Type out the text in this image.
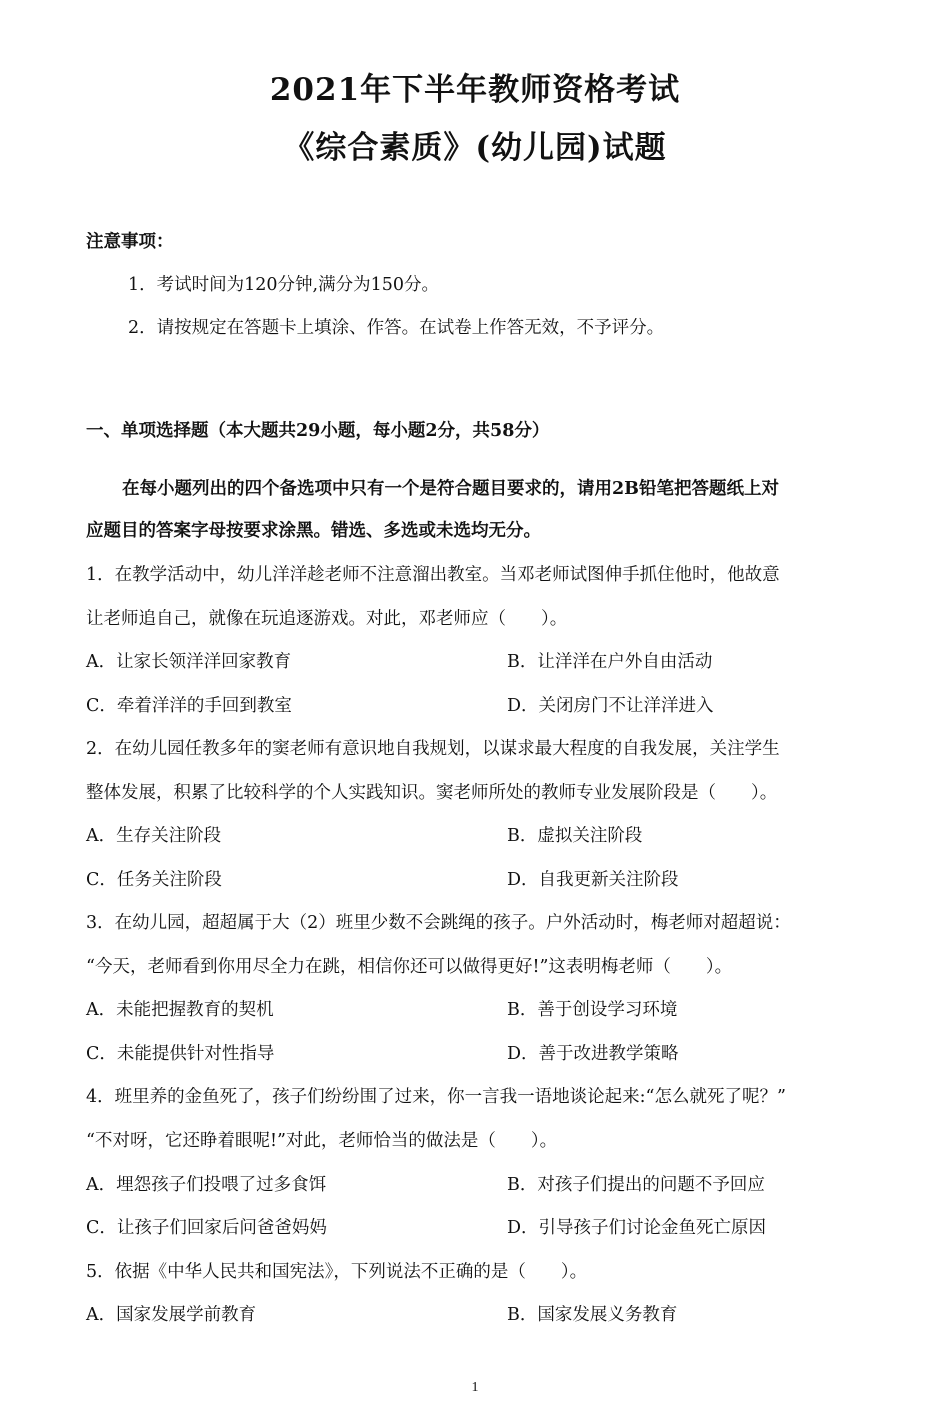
2021年下半年教师资格考试
《综合素质》(幼儿园)试题
注意事项：
1．考试时间为120分钟,满分为150分。
2．请按规定在答题卡上填涂、作答。在试卷上作答无效，不予评分。
一、单项选择题（本大题共29小题，每小题2分，共58分）
在每小题列出的四个备选项中只有一个是符合题目要求的，请用2B铅笔把答题纸上对
应题目的答案字母按要求涂黑。错选、多选或未选均无分。
1．在教学活动中，幼儿洋洋趁老师不注意溜出教室。当邓老师试图伸手抓住他时，他故意
让老师追自己，就像在玩追逐游戏。对此，邓老师应（　　）。
A．让家长领洋洋回家教育	B．让洋洋在户外自由活动
C．牵着洋洋的手回到教室	D．关闭房门不让洋洋进入
2．在幼儿园任教多年的窦老师有意识地自我规划，以谋求最大程度的自我发展，关注学生
整体发展，积累了比较科学的个人实践知识。窦老师所处的教师专业发展阶段是（　　）。
A．生存关注阶段	B．虚拟关注阶段
C．任务关注阶段	D．自我更新关注阶段
3．在幼儿园，超超属于大（2）班里少数不会跳绳的孩子。户外活动时，梅老师对超超说：
“今天，老师看到你用尽全力在跳，相信你还可以做得更好!”这表明梅老师（　　）。
A．未能把握教育的契机	B．善于创设学习环境
C．未能提供针对性指导	D．善于改进教学策略
4．班里养的金鱼死了，孩子们纷纷围了过来，你一言我一语地谈论起来:“怎么就死了呢？”
“不对呀，它还睁着眼呢!”对此，老师恰当的做法是（　　）。
A．埋怨孩子们投喂了过多食饵	B．对孩子们提出的问题不予回应
C．让孩子们回家后问爸爸妈妈	D．引导孩子们讨论金鱼死亡原因
5．依据《中华人民共和国宪法》，下列说法不正确的是（　　）。
A．国家发展学前教育	B．国家发展义务教育
1
